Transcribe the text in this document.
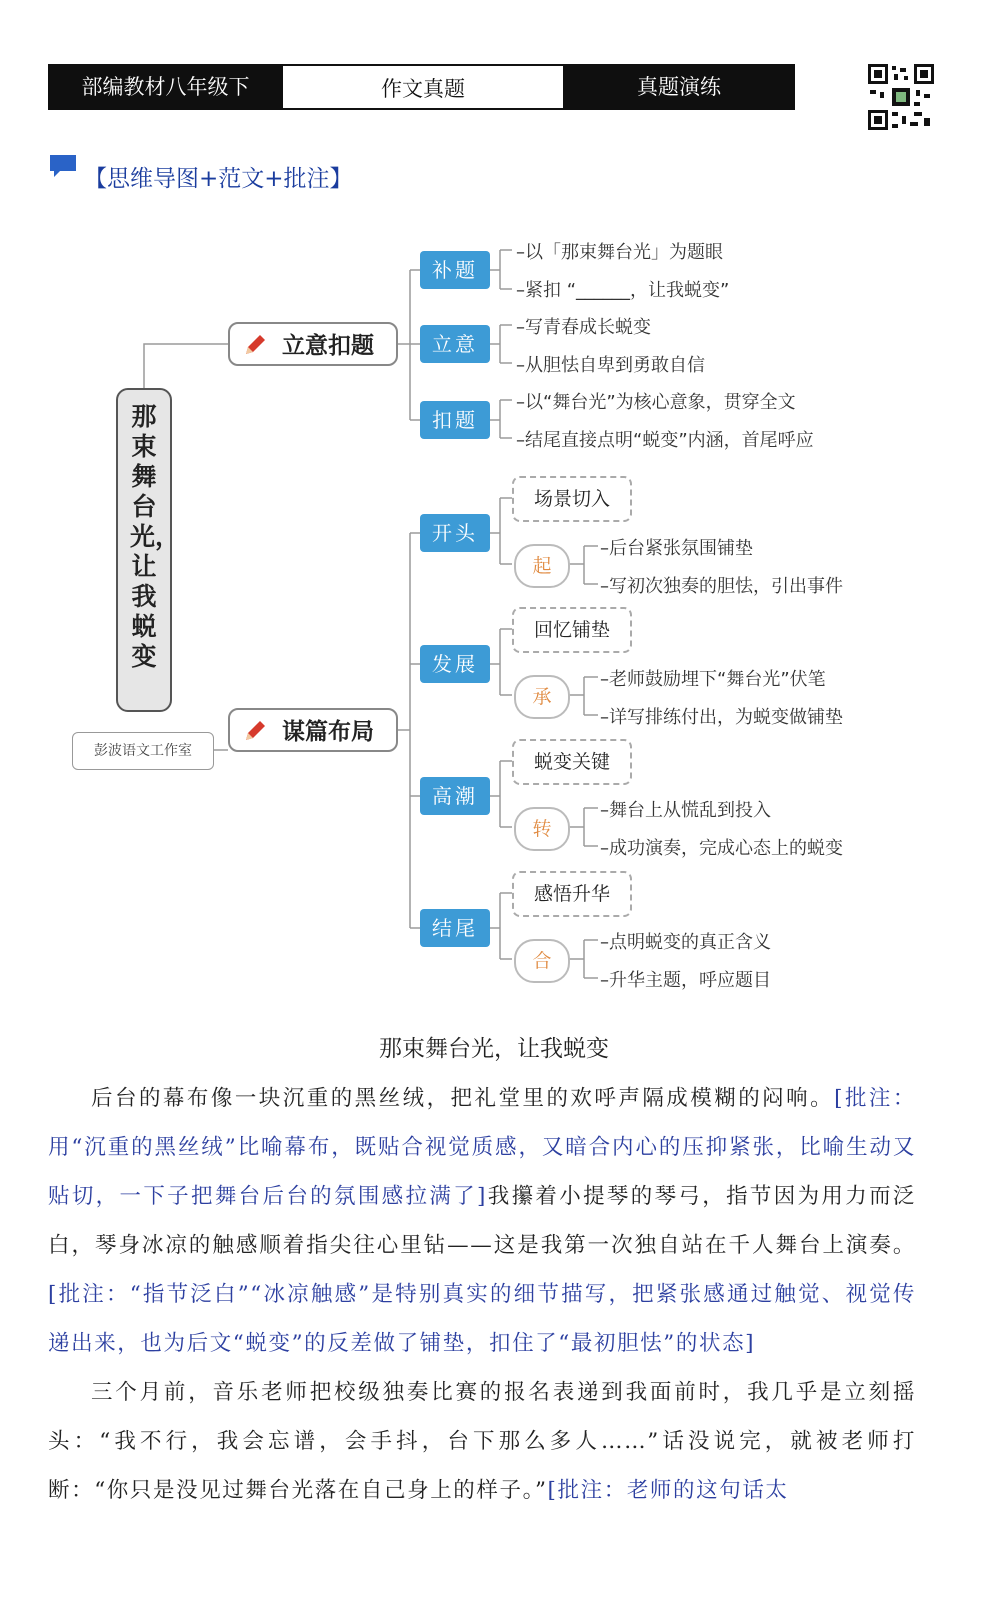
部编教材八年级下	作文真题	真题演练
【思维导图+范文+批注】
那束舞台光，让我蜕变
彭波语文工作室
立意扣题
补题
立意
扣题
–以「那束舞台光」为题眼
–紧扣 “______，让我蜕变”
–写青春成长蜕变
–从胆怯自卑到勇敢自信
–以“舞台光”为核心意象，贯穿全文
–结尾直接点明“蜕变”内涵，首尾呼应
谋篇布局
开头
发展
高潮
结尾
场景切入
回忆铺垫
蜕变关键
感悟升华
起
承
转
合
–后台紧张氛围铺垫
–写初次独奏的胆怯，引出事件
–老师鼓励埋下“舞台光”伏笔
–详写排练付出，为蜕变做铺垫
–舞台上从慌乱到投入
–成功演奏，完成心态上的蜕变
–点明蜕变的真正含义
–升华主题，呼应题目
那束舞台光，让我蜕变

后台的幕布像一块沉重的黑丝绒，把礼堂里的欢呼声隔成模糊的闷响。[批注：用“沉重的黑丝绒”比喻幕布，既贴合视觉质感，又暗合内心的压抑紧张，比喻生动又贴切，一下子把舞台后台的氛围感拉满了]我攥着小提琴的琴弓，指节因为用力而泛白，琴身冰凉的触感顺着指尖往心里钻——这是我第一次独自站在千人舞台上演奏。[批注：“指节泛白”“冰凉触感”是特别真实的细节描写，把紧张感通过触觉、视觉传递出来，也为后文“蜕变”的反差做了铺垫，扣住了“最初胆怯”的状态]

三个月前，音乐老师把校级独奏比赛的报名表递到我面前时，我几乎是立刻摇头：“我不行，我会忘谱，会手抖，台下那么多人……”话没说完，就被老师打断：“你只是没见过舞台光落在自己身上的样子。”[批注：老师的这句话太
